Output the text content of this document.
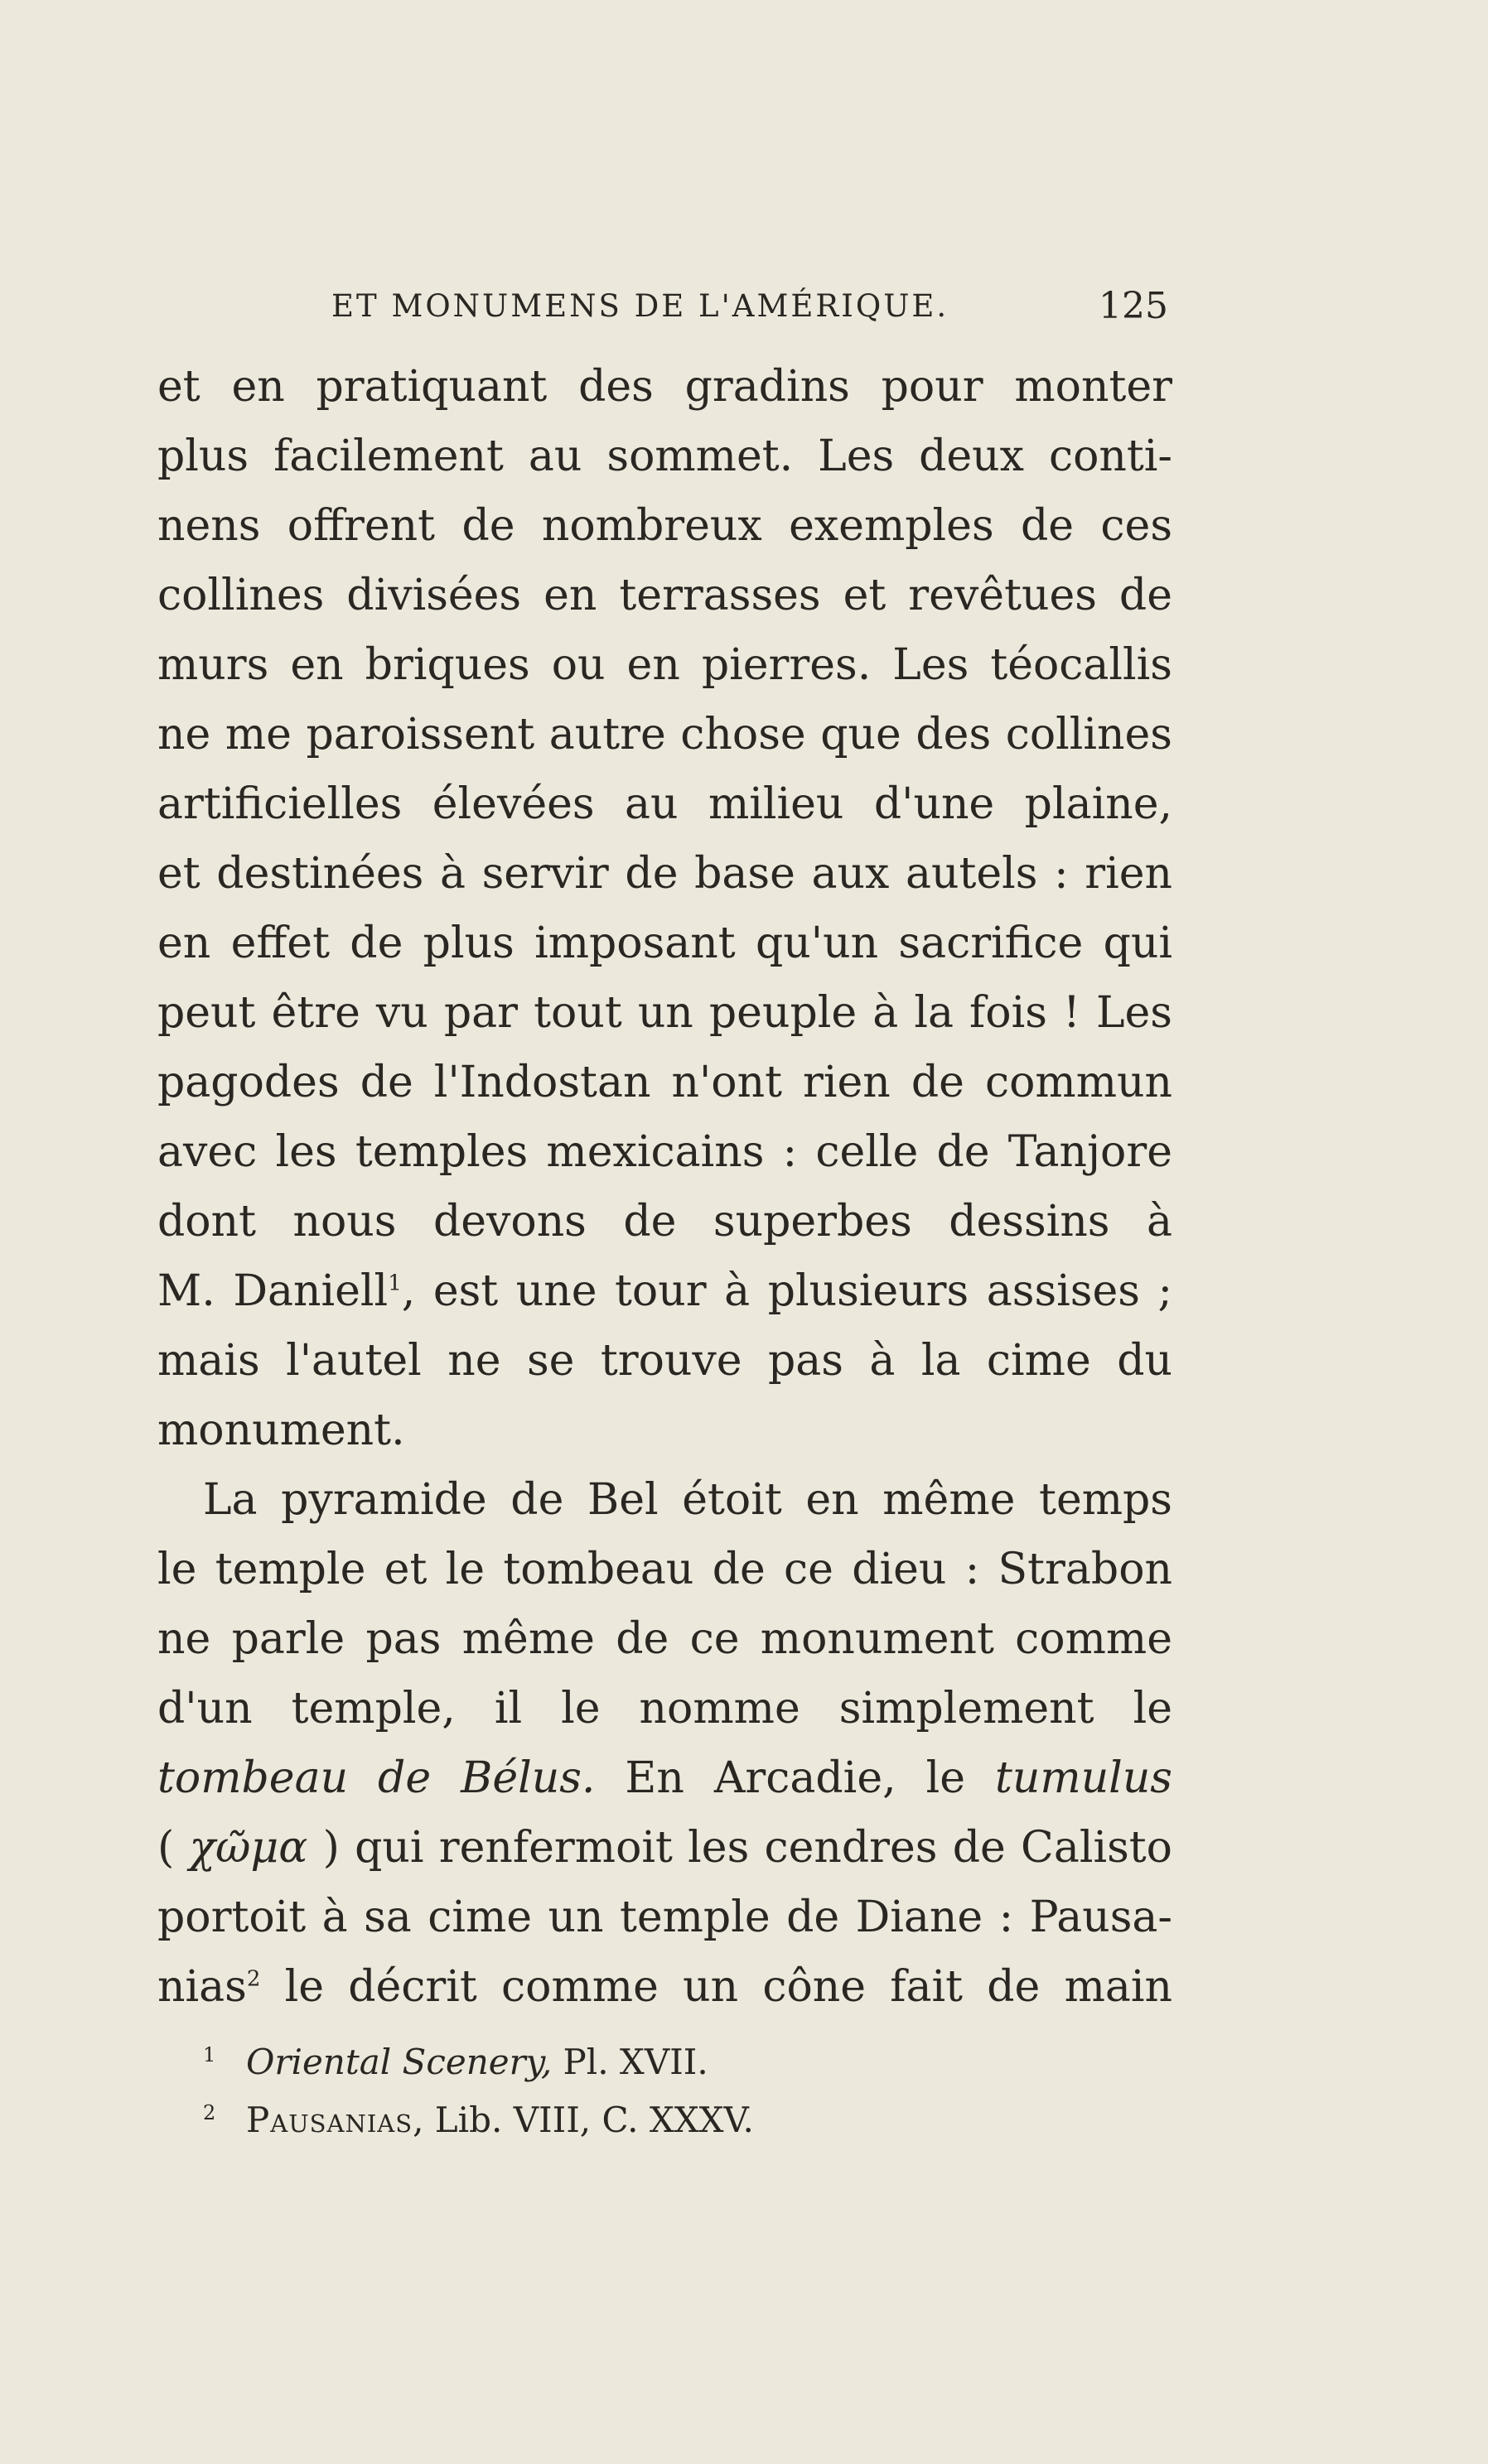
ET MONUMENS DE L'AMÉRIQUE.	125
et en pratiquant des gradins pour monter
plus facilement au sommet. Les deux conti-
nens offrent de nombreux exemples de ces
collines divisées en terrasses et revêtues de
murs en briques ou en pierres. Les téocallis
ne me paroissent autre chose que des collines
artificielles élevées au milieu d'une plaine,
et destinées à servir de base aux autels : rien
en effet de plus imposant qu'un sacrifice qui
peut être vu par tout un peuple à la fois ! Les
pagodes de l'Indostan n'ont rien de commun
avec les temples mexicains : celle de Tanjore
dont nous devons de superbes dessins à
M. Daniell$^1$, est une tour à plusieurs assises ;
mais l'autel ne se trouve pas à la cime du
monument.
La pyramide de Bel étoit en même temps
le temple et le tombeau de ce dieu : Strabon
ne parle pas même de ce monument comme
d'un temple, il le nomme simplement le
tombeau de Bélus. En Arcadie, le tumulus
( χῶμα ) qui renfermoit les cendres de Calisto
portoit à sa cime un temple de Diane : Pausa-
nias$^2$ le décrit comme un cône fait de main
1 Oriental Scenery, Pl. XVII.
2 Pausanias, Lib. VIII, C. XXXV.
